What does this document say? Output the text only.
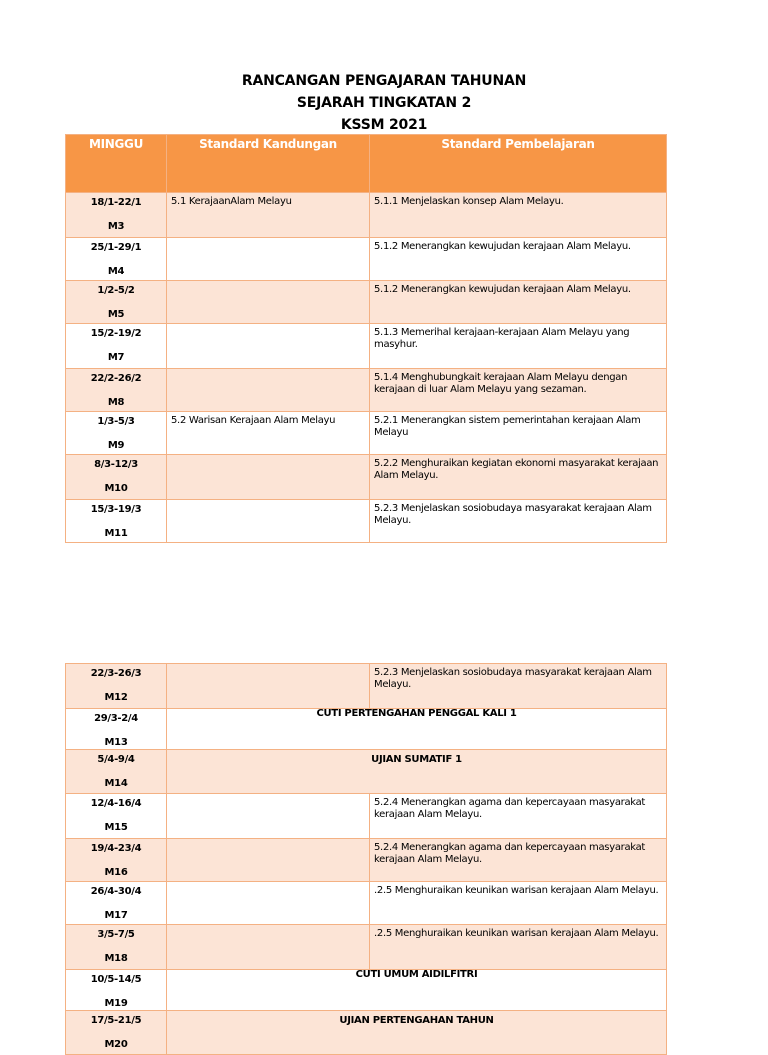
RANCANGAN PENGAJARAN TAHUNAN
SEJARAH TINGKATAN 2
KSSM 2021
MINGGU	Standard Kandungan	Standard Pembelajaran

18/1-22/1
M3	5.1 KerajaanAlam Melayu	5.1.1 Menjelaskan konsep Alam Melayu.

25/1-29/1
M4		5.1.2 Menerangkan kewujudan kerajaan Alam Melayu.

1/2-5/2
M5		5.1.2 Menerangkan kewujudan kerajaan Alam Melayu.

15/2-19/2
M7		5.1.3 Memerihal kerajaan-kerajaan Alam Melayu yang masyhur.

22/2-26/2
M8		5.1.4 Menghubungkait kerajaan Alam Melayu dengan kerajaan di luar Alam Melayu yang sezaman.

1/3-5/3
M9	5.2 Warisan Kerajaan Alam Melayu	5.2.1 Menerangkan sistem pemerintahan kerajaan Alam Melayu

8/3-12/3
M10		5.2.2 Menghuraikan kegiatan ekonomi masyarakat kerajaan Alam Melayu.

15/3-19/3
M11		5.2.3 Menjelaskan sosiobudaya masyarakat kerajaan Alam Melayu.
22/3-26/3
M12		5.2.3 Menjelaskan sosiobudaya masyarakat kerajaan Alam Melayu.

29/3-2/4
M13	CUTI PERTENGAHAN PENGGAL KALI 1	

5/4-9/4
M14	UJIAN SUMATIF 1	

12/4-16/4
M15		5.2.4 Menerangkan agama dan kepercayaan masyarakat kerajaan Alam Melayu.

19/4-23/4
M16		5.2.4 Menerangkan agama dan kepercayaan masyarakat kerajaan Alam Melayu.

26/4-30/4
M17		.2.5 Menghuraikan keunikan warisan kerajaan Alam Melayu.

3/5-7/5
M18		.2.5 Menghuraikan keunikan warisan kerajaan Alam Melayu.

10/5-14/5
M19	CUTI UMUM AIDILFITRI	

17/5-21/5
M20	UJIAN PERTENGAHAN TAHUN	
